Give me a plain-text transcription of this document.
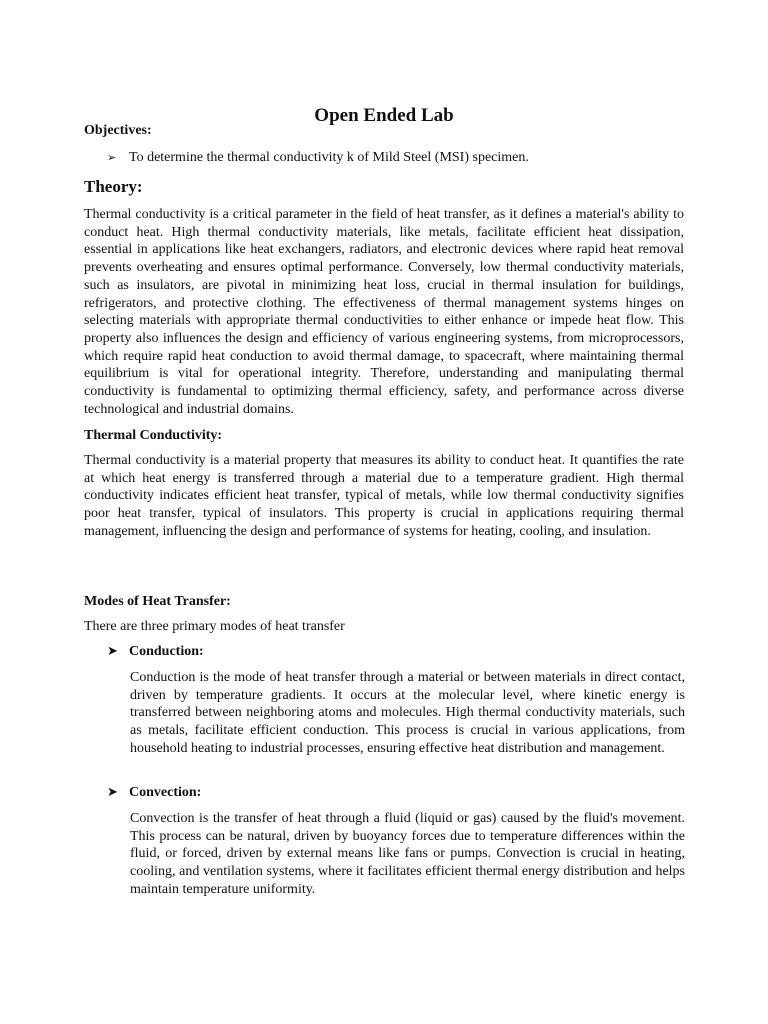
Open Ended Lab

Objectives:

➢ To determine the thermal conductivity k of Mild Steel (MSI) specimen.

Theory:

Thermal conductivity is a critical parameter in the field of heat transfer, as it defines a material's ability to conduct heat. High thermal conductivity materials, like metals, facilitate efficient heat dissipation, essential in applications like heat exchangers, radiators, and electronic devices where rapid heat removal prevents overheating and ensures optimal performance. Conversely, low thermal conductivity materials, such as insulators, are pivotal in minimizing heat loss, crucial in thermal insulation for buildings, refrigerators, and protective clothing. The effectiveness of thermal management systems hinges on selecting materials with appropriate thermal conductivities to either enhance or impede heat flow. This property also influences the design and efficiency of various engineering systems, from microprocessors, which require rapid heat conduction to avoid thermal damage, to spacecraft, where maintaining thermal equilibrium is vital for operational integrity. Therefore, understanding and manipulating thermal conductivity is fundamental to optimizing thermal efficiency, safety, and performance across diverse technological and industrial domains.

Thermal Conductivity:

Thermal conductivity is a material property that measures its ability to conduct heat. It quantifies the rate at which heat energy is transferred through a material due to a temperature gradient. High thermal conductivity indicates efficient heat transfer, typical of metals, while low thermal conductivity signifies poor heat transfer, typical of insulators. This property is crucial in applications requiring thermal management, influencing the design and performance of systems for heating, cooling, and insulation.

Modes of Heat Transfer:

There are three primary modes of heat transfer

➤ Conduction:

Conduction is the mode of heat transfer through a material or between materials in direct contact, driven by temperature gradients. It occurs at the molecular level, where kinetic energy is transferred between neighboring atoms and molecules. High thermal conductivity materials, such as metals, facilitate efficient conduction. This process is crucial in various applications, from household heating to industrial processes, ensuring effective heat distribution and management.

➤ Convection:

Convection is the transfer of heat through a fluid (liquid or gas) caused by the fluid's movement. This process can be natural, driven by buoyancy forces due to temperature differences within the fluid, or forced, driven by external means like fans or pumps. Convection is crucial in heating, cooling, and ventilation systems, where it facilitates efficient thermal energy distribution and helps maintain temperature uniformity.
